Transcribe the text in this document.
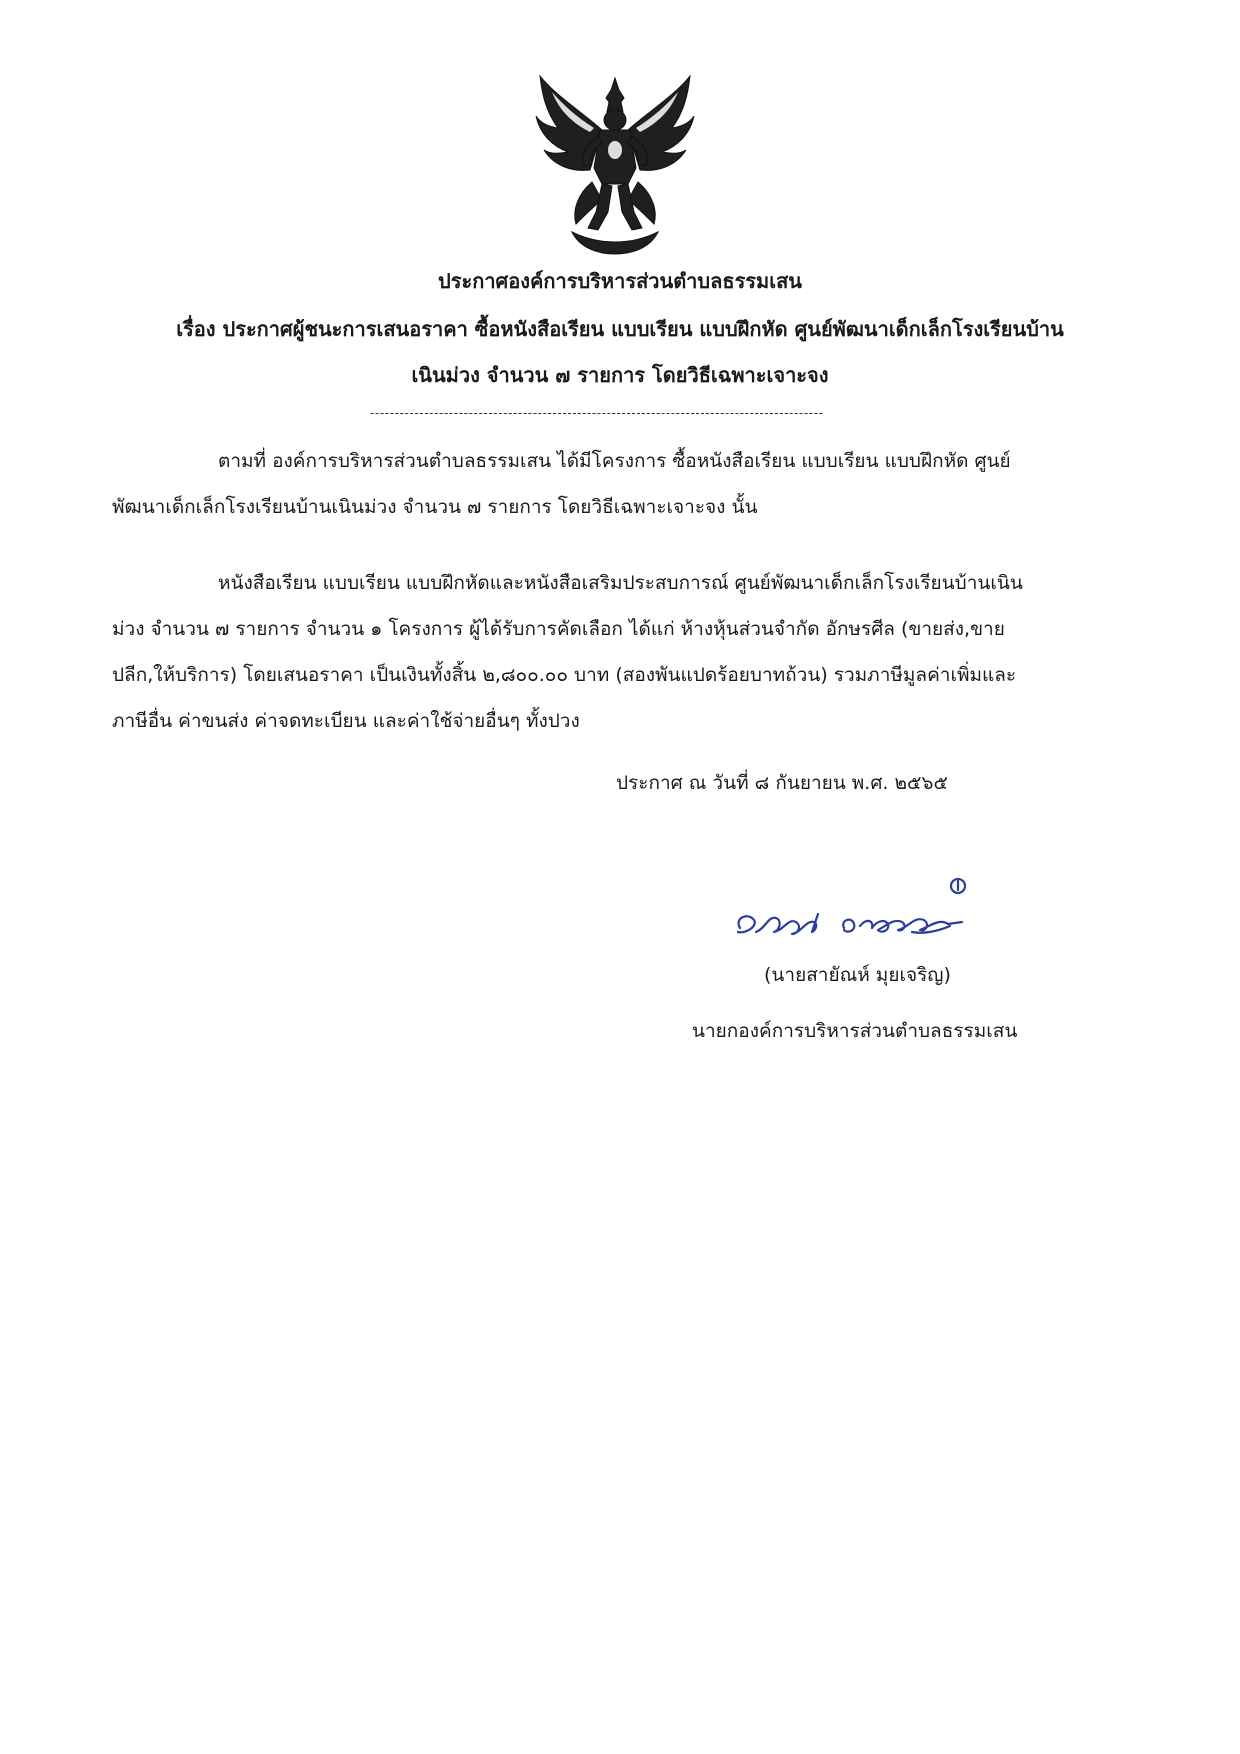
ประกาศองค์การบริหารส่วนตำบลธรรมเสน
เรื่อง ประกาศผู้ชนะการเสนอราคา ซื้อหนังสือเรียน แบบเรียน แบบฝึกหัด ศูนย์พัฒนาเด็กเล็กโรงเรียนบ้าน
เนินม่วง จำนวน ๗ รายการ โดยวิธีเฉพาะเจาะจง
--------------------------------------------------------------------------------------------
ตามที่ องค์การบริหารส่วนตำบลธรรมเสน ได้มีโครงการ ซื้อหนังสือเรียน แบบเรียน แบบฝึกหัด ศูนย์
พัฒนาเด็กเล็กโรงเรียนบ้านเนินม่วง จำนวน ๗ รายการ โดยวิธีเฉพาะเจาะจง นั้น
หนังสือเรียน แบบเรียน แบบฝึกหัดและหนังสือเสริมประสบการณ์ ศูนย์พัฒนาเด็กเล็กโรงเรียนบ้านเนิน
ม่วง จำนวน ๗ รายการ จำนวน ๑ โครงการ ผู้ได้รับการคัดเลือก ได้แก่ ห้างหุ้นส่วนจำกัด อักษรศีล (ขายส่ง,ขาย
ปลีก,ให้บริการ) โดยเสนอราคา เป็นเงินทั้งสิ้น ๒,๘๐๐.๐๐ บาท (สองพันแปดร้อยบาทถ้วน) รวมภาษีมูลค่าเพิ่มและ
ภาษีอื่น ค่าขนส่ง ค่าจดทะเบียน และค่าใช้จ่ายอื่นๆ ทั้งปวง
ประกาศ ณ วันที่ ๘ กันยายน พ.ศ. ๒๕๖๕
(นายสายัณห์ มุยเจริญ)
นายกองค์การบริหารส่วนตำบลธรรมเสน
